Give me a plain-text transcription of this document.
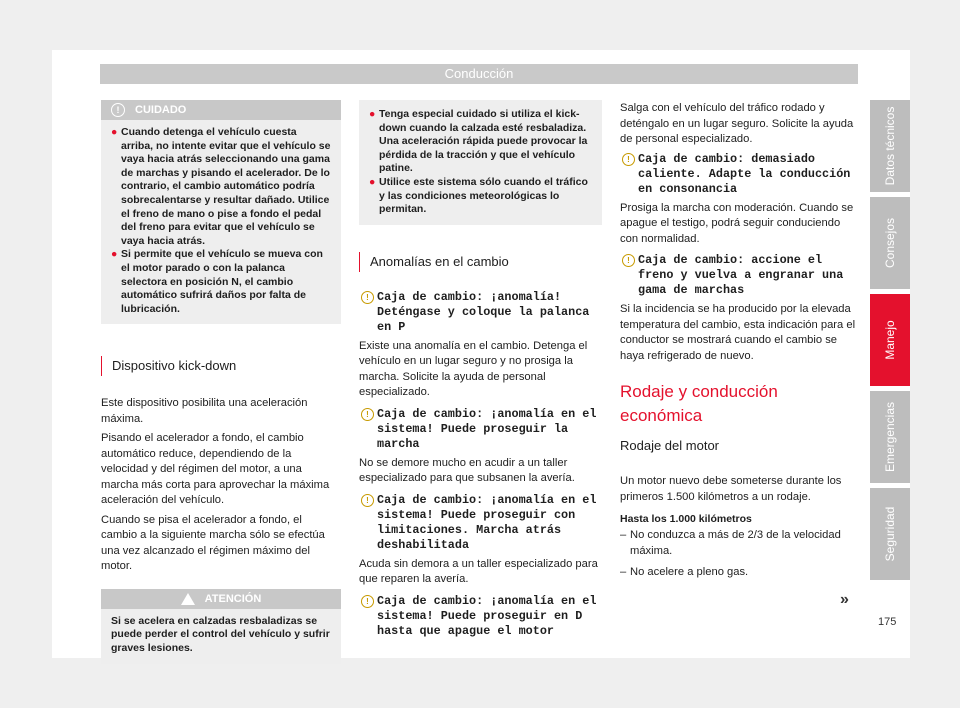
Conducción
Datos técnicos
Consejos
Manejo
Emergencias
Seguridad
175
! CUIDADO

● Cuando detenga el vehículo cuesta arriba, no intente evitar que el vehículo se vaya hacia atrás seleccionando una gama de marchas y pisando el acelerador. De lo contrario, el cambio automático podría sobrecalentarse y resultar dañado. Utilice el freno de mano o pise a fondo el pedal del freno para evitar que el vehículo se vaya hacia atrás.

● Si permite que el vehículo se mueva con el motor parado o con la palanca selectora en posición N, el cambio automático sufrirá daños por falta de lubricación.

Dispositivo kick-down

Este dispositivo posibilita una aceleración máxima.

Pisando el acelerador a fondo, el cambio automático reduce, dependiendo de la velocidad y del régimen del motor, a una marcha más corta para aprovechar la máxima aceleración del vehículo.

Cuando se pisa el acelerador a fondo, el cambio a la siguiente marcha sólo se efectúa una vez alcanzado el régimen máximo del motor.

ATENCIÓN
Si se acelera en calzadas resbaladizas se puede perder el control del vehículo y sufrir graves lesiones.

● Tenga especial cuidado si utiliza el kick-down cuando la calzada esté resbaladiza. Una aceleración rápida puede provocar la pérdida de la tracción y que el vehículo patine.

● Utilice este sistema sólo cuando el tráfico y las condiciones meteorológicas lo permitan.

Anomalías en el cambio

! Caja de cambio: ¡anomalía! Deténgase y coloque la palanca en P

Existe una anomalía en el cambio. Detenga el vehículo en un lugar seguro y no prosiga la marcha. Solicite la ayuda de personal especializado.

! Caja de cambio: ¡anomalía en el sistema! Puede proseguir la marcha

No se demore mucho en acudir a un taller especializado para que subsanen la avería.

! Caja de cambio: ¡anomalía en el sistema! Puede proseguir con limitaciones. Marcha atrás deshabilitada

Acuda sin demora a un taller especializado para que reparen la avería.

! Caja de cambio: ¡anomalía en el sistema! Puede proseguir en D hasta que apague el motor

Salga con el vehículo del tráfico rodado y deténgalo en un lugar seguro. Solicite la ayuda de personal especializado.

! Caja de cambio: demasiado caliente. Adapte la conducción en consonancia

Prosiga la marcha con moderación. Cuando se apague el testigo, podrá seguir conduciendo con normalidad.

! Caja de cambio: accione el freno y vuelva a engranar una gama de marchas

Si la incidencia se ha producido por la elevada temperatura del cambio, esta indicación para el conductor se mostrará cuando el cambio se haya refrigerado de nuevo.

Rodaje y conducción económica

Rodaje del motor

Un motor nuevo debe someterse durante los primeros 1.500 kilómetros a un rodaje.

Hasta los 1.000 kilómetros

– No conduzca a más de 2/3 de la velocidad máxima.

– No acelere a pleno gas.

»
